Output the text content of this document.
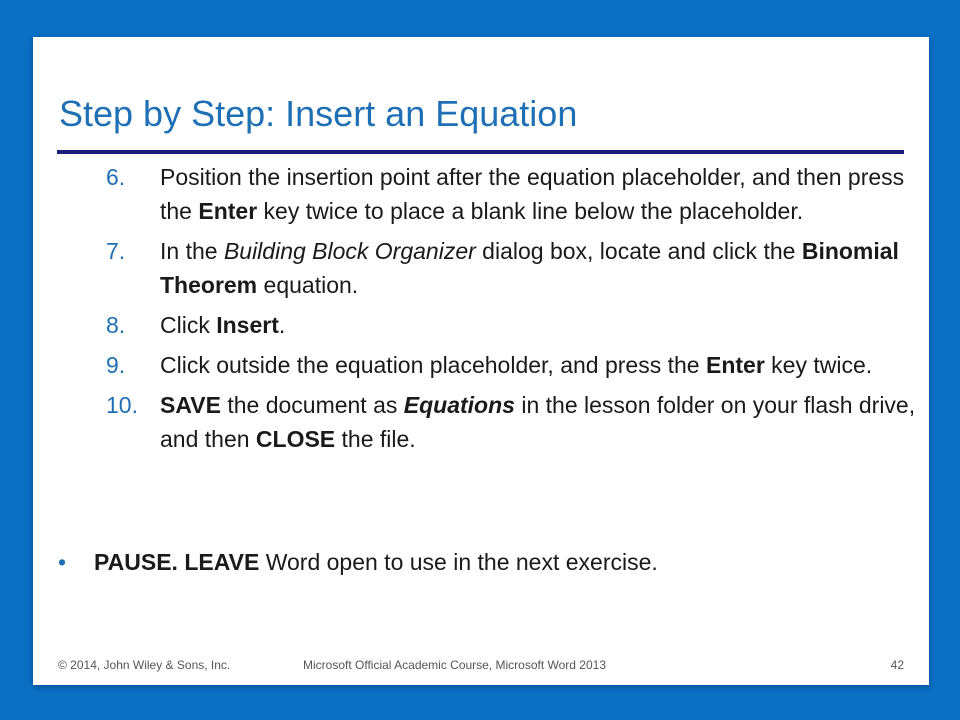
Step by Step: Insert an Equation
6. Position the insertion point after the equation placeholder, and then press the Enter key twice to place a blank line below the placeholder.
7. In the Building Block Organizer dialog box, locate and click the Binomial Theorem equation.
8. Click Insert.
9. Click outside the equation placeholder, and press the Enter key twice.
10. SAVE the document as Equations in the lesson folder on your flash drive, and then CLOSE the file.
• PAUSE. LEAVE Word open to use in the next exercise.
© 2014, John Wiley & Sons, Inc.	Microsoft Official Academic Course, Microsoft Word 2013	42
